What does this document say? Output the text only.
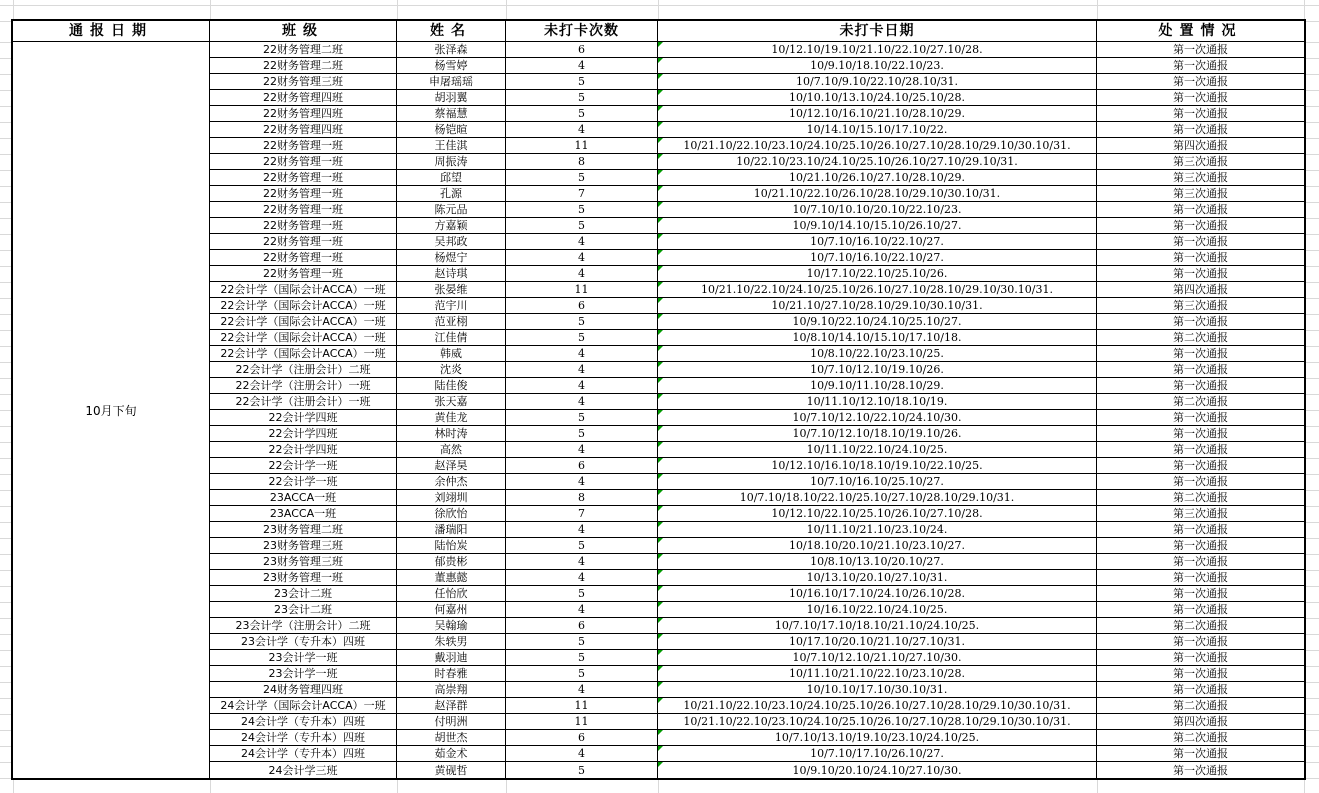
通报日期	班级	姓名	未打卡次数	未打卡日期	处置情况
10月下旬
22财务管理二班	张泽森	6	10/12.10/19.10/21.10/22.10/27.10/28.	第一次通报
22财务管理二班	杨雪婷	4	10/9.10/18.10/22.10/23.	第一次通报
22财务管理三班	申屠瑶瑶	5	10/7.10/9.10/22.10/28.10/31.	第一次通报
22财务管理四班	胡羽翼	5	10/10.10/13.10/24.10/25.10/28.	第一次通报
22财务管理四班	蔡福慧	5	10/12.10/16.10/21.10/28.10/29.	第一次通报
22财务管理四班	杨铠暄	4	10/14.10/15.10/17.10/22.	第一次通报
22财务管理一班	王佳淇	11	10/21.10/22.10/23.10/24.10/25.10/26.10/27.10/28.10/29.10/30.10/31.	第四次通报
22财务管理一班	周振涛	8	10/22.10/23.10/24.10/25.10/26.10/27.10/29.10/31.	第三次通报
22财务管理一班	邱望	5	10/21.10/26.10/27.10/28.10/29.	第三次通报
22财务管理一班	孔源	7	10/21.10/22.10/26.10/28.10/29.10/30.10/31.	第三次通报
22财务管理一班	陈元品	5	10/7.10/10.10/20.10/22.10/23.	第一次通报
22财务管理一班	方嘉颖	5	10/9.10/14.10/15.10/26.10/27.	第一次通报
22财务管理一班	吴邦政	4	10/7.10/16.10/22.10/27.	第一次通报
22财务管理一班	杨煜宁	4	10/7.10/16.10/22.10/27.	第一次通报
22财务管理一班	赵诗琪	4	10/17.10/22.10/25.10/26.	第一次通报
22会计学（国际会计ACCA）一班	张晏维	11	10/21.10/22.10/24.10/25.10/26.10/27.10/28.10/29.10/30.10/31.	第四次通报
22会计学（国际会计ACCA）一班	范宇川	6	10/21.10/27.10/28.10/29.10/30.10/31.	第三次通报
22会计学（国际会计ACCA）一班	范亚栩	5	10/9.10/22.10/24.10/25.10/27.	第一次通报
22会计学（国际会计ACCA）一班	江佳倩	5	10/8.10/14.10/15.10/17.10/18.	第二次通报
22会计学（国际会计ACCA）一班	韩威	4	10/8.10/22.10/23.10/25.	第一次通报
22会计学（注册会计）二班	沈炎	4	10/7.10/12.10/19.10/26.	第一次通报
22会计学（注册会计）一班	陆佳俊	4	10/9.10/11.10/28.10/29.	第一次通报
22会计学（注册会计）一班	张天嘉	4	10/11.10/12.10/18.10/19.	第二次通报
22会计学四班	黄佳龙	5	10/7.10/12.10/22.10/24.10/30.	第一次通报
22会计学四班	林时涛	5	10/7.10/12.10/18.10/19.10/26.	第一次通报
22会计学四班	高然	4	10/11.10/22.10/24.10/25.	第一次通报
22会计学一班	赵泽昊	6	10/12.10/16.10/18.10/19.10/22.10/25.	第一次通报
22会计学一班	余仲杰	4	10/7.10/16.10/25.10/27.	第一次通报
23ACCA一班	刘翊圳	8	10/7.10/18.10/22.10/25.10/27.10/28.10/29.10/31.	第二次通报
23ACCA一班	徐欣怡	7	10/12.10/22.10/25.10/26.10/27.10/28.	第三次通报
23财务管理二班	潘瑞阳	4	10/11.10/21.10/23.10/24.	第一次通报
23财务管理三班	陆怡炭	5	10/18.10/20.10/21.10/23.10/27.	第一次通报
23财务管理三班	郁贵彬	4	10/8.10/13.10/20.10/27.	第一次通报
23财务管理一班	董惠懿	4	10/13.10/20.10/27.10/31.	第一次通报
23会计二班	任怡欣	5	10/16.10/17.10/24.10/26.10/28.	第一次通报
23会计二班	何嘉州	4	10/16.10/22.10/24.10/25.	第一次通报
23会计学（注册会计）二班	吴翰瑜	6	10/7.10/17.10/18.10/21.10/24.10/25.	第二次通报
23会计学（专升本）四班	朱轶男	5	10/17.10/20.10/21.10/27.10/31.	第一次通报
23会计学一班	戴羽迪	5	10/7.10/12.10/21.10/27.10/30.	第一次通报
23会计学一班	时春雅	5	10/11.10/21.10/22.10/23.10/28.	第一次通报
24财务管理四班	高崇翔	4	10/10.10/17.10/30.10/31.	第一次通报
24会计学（国际会计ACCA）一班	赵泽群	11	10/21.10/22.10/23.10/24.10/25.10/26.10/27.10/28.10/29.10/30.10/31.	第二次通报
24会计学（专升本）四班	付明洲	11	10/21.10/22.10/23.10/24.10/25.10/26.10/27.10/28.10/29.10/30.10/31.	第四次通报
24会计学（专升本）四班	胡世杰	6	10/7.10/13.10/19.10/23.10/24.10/25.	第二次通报
24会计学（专升本）四班	茹金术	4	10/7.10/17.10/26.10/27.	第一次通报
24会计学三班	黄砚哲	5	10/9.10/20.10/24.10/27.10/30.	第一次通报
